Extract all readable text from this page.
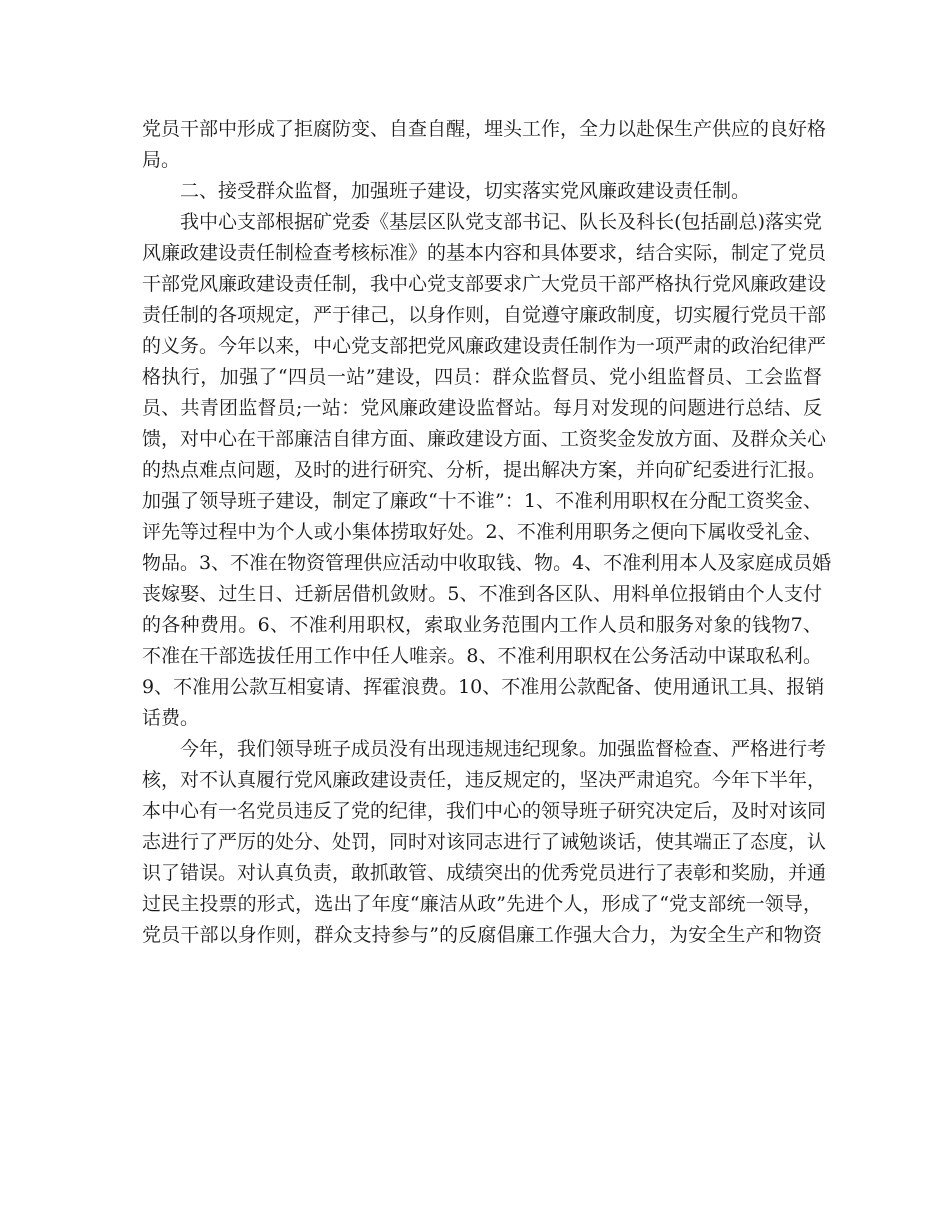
党员干部中形成了拒腐防变、自查自醒，埋头工作，全力以赴保生产供应的良好格
局。
二、接受群众监督，加强班子建设，切实落实党风廉政建设责任制。
我中心支部根据矿党委《基层区队党支部书记、队长及科长(包括副总)落实党
风廉政建设责任制检查考核标准》的基本内容和具体要求，结合实际，制定了党员
干部党风廉政建设责任制，我中心党支部要求广大党员干部严格执行党风廉政建设
责任制的各项规定，严于律己，以身作则，自觉遵守廉政制度，切实履行党员干部
的义务。今年以来，中心党支部把党风廉政建设责任制作为一项严肃的政治纪律严
格执行，加强了“四员一站”建设，四员：群众监督员、党小组监督员、工会监督
员、共青团监督员;一站：党风廉政建设监督站。每月对发现的问题进行总结、反
馈，对中心在干部廉洁自律方面、廉政建设方面、工资奖金发放方面、及群众关心
的热点难点问题，及时的进行研究、分析，提出解决方案，并向矿纪委进行汇报。
加强了领导班子建设，制定了廉政“十不谁”：1、不准利用职权在分配工资奖金、
评先等过程中为个人或小集体捞取好处。2、不准利用职务之便向下属收受礼金、
物品。3、不准在物资管理供应活动中收取钱、物。4、不准利用本人及家庭成员婚
丧嫁娶、过生日、迁新居借机敛财。5、不准到各区队、用料单位报销由个人支付
的各种费用。6、不准利用职权，索取业务范围内工作人员和服务对象的钱物7、
不准在干部选拔任用工作中任人唯亲。8、不准利用职权在公务活动中谋取私利。
9、不准用公款互相宴请、挥霍浪费。10、不准用公款配备、使用通讯工具、报销
话费。
今年，我们领导班子成员没有出现违规违纪现象。加强监督检查、严格进行考
核，对不认真履行党风廉政建设责任，违反规定的，坚决严肃追究。今年下半年，
本中心有一名党员违反了党的纪律，我们中心的领导班子研究决定后，及时对该同
志进行了严厉的处分、处罚，同时对该同志进行了诫勉谈话，使其端正了态度，认
识了错误。对认真负责，敢抓敢管、成绩突出的优秀党员进行了表彰和奖励，并通
过民主投票的形式，选出了年度“廉洁从政”先进个人，形成了“党支部统一领导，
党员干部以身作则，群众支持参与”的反腐倡廉工作强大合力，为安全生产和物资
